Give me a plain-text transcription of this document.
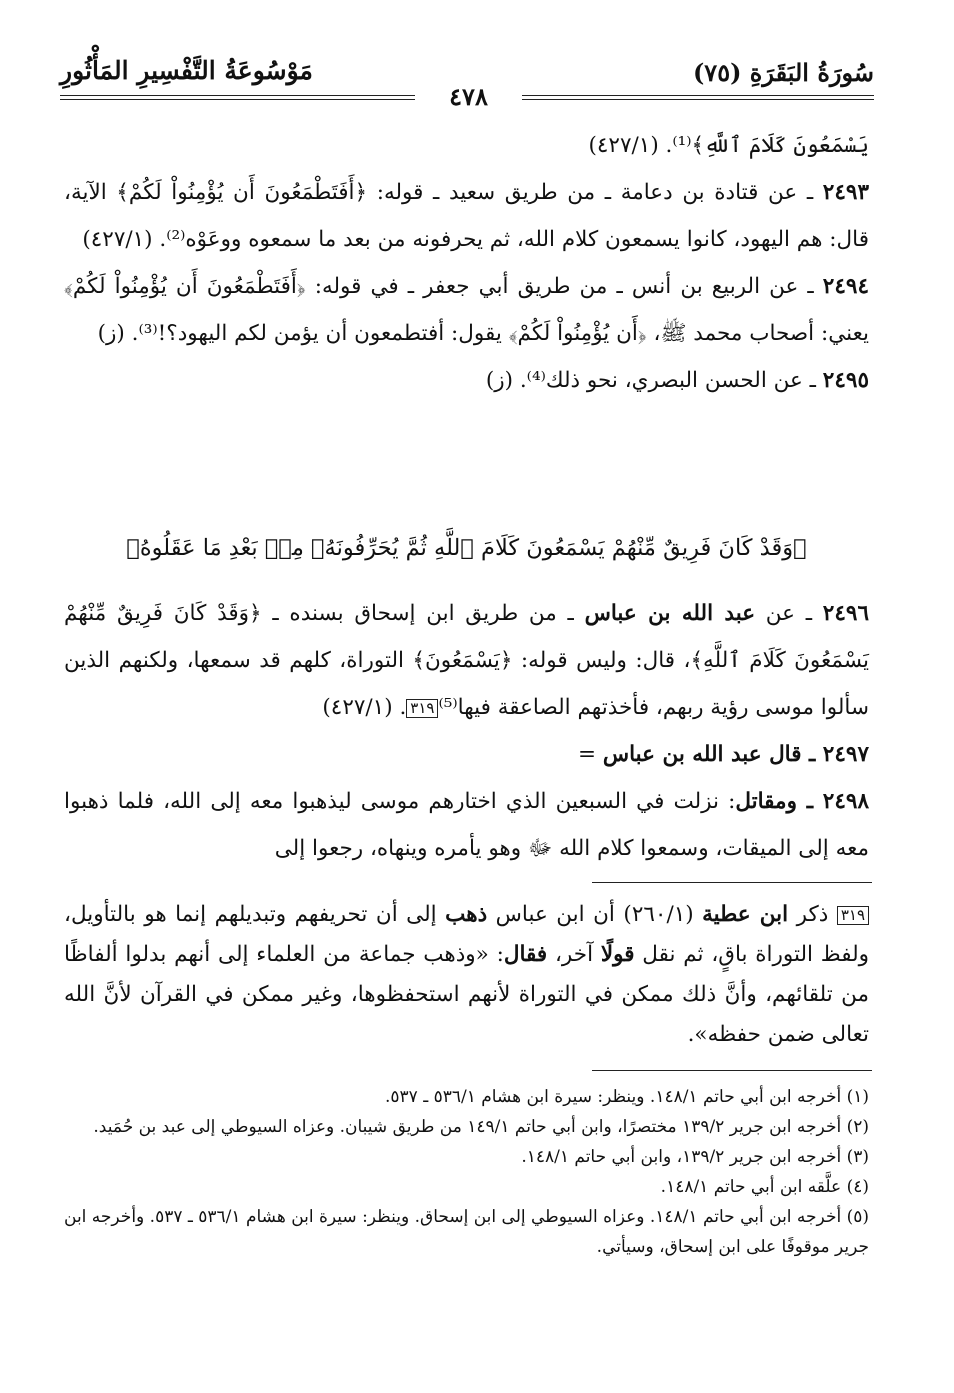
مَوْسُوعَةُ التَّفْسِيرِ المَأْثُورِ	سُورَةُ البَقَرَةِ (٧٥)
٤٧٨

يَسْمَعُونَ كَلَامَ ٱللَّهِ﴾⁽¹⁾. (٤٢٧/١)

٢٤٩٣ ـ عن قتادة بن دعامة ـ من طريق سعيد ـ قوله: ﴿أَفَتَطْمَعُونَ أَن يُؤْمِنُواْ لَكُمْ﴾ الآية، قال: هم اليهود، كانوا يسمعون كلام الله، ثم يحرفونه من بعد ما سمعوه ووعَوْه⁽²⁾. (٤٢٧/١)

٢٤٩٤ ـ عن الربيع بن أنس ـ من طريق أبي جعفر ـ في قوله: ﴿أَفَتَطْمَعُونَ أَن يُؤْمِنُواْ لَكُمْ﴾ يعني: أصحاب محمد ﷺ، ﴿أَن يُؤْمِنُواْ لَكُمْ﴾ يقول: أفتطمعون أن يؤمن لكم اليهود؟!⁽³⁾. (ز)

٢٤٩٥ ـ عن الحسن البصري، نحو ذلك⁽⁴⁾. (ز)

﴿وَقَدْ كَانَ فَرِيقٌ مِّنْهُمْ يَسْمَعُونَ كَلَامَ ٱللَّهِ ثُمَّ يُحَرِّفُونَهُۥ مِنۢ بَعْدِ مَا عَقَلُوهُ﴾

٢٤٩٦ ـ عن عبد الله بن عباس ـ من طريق ابن إسحاق بسنده ـ ﴿وَقَدْ كَانَ فَرِيقٌ مِّنْهُمْ يَسْمَعُونَ كَلَامَ ٱللَّهِ﴾، قال: وليس قوله: ﴿يَسْمَعُونَ﴾ التوراة، كلهم قد سمعها، ولكنهم الذين سألوا موسى رؤية ربهم، فأخذتهم الصاعقة فيها⁽⁵⁾٣١٩. (٤٢٧/١)

٢٤٩٧ ـ قال عبد الله بن عباس =

٢٤٩٨ ـ ومقاتل: نزلت في السبعين الذي اختارهم موسى ليذهبوا معه إلى الله، فلما ذهبوا معه إلى الميقات، وسمعوا كلام الله ﷻ وهو يأمره وينهاه، رجعوا إلى

٣١٩ ذكر ابن عطية (٢٦٠/١) أن ابن عباس ذهب إلى أن تحريفهم وتبديلهم إنما هو بالتأويل، ولفظ التوراة باقٍ، ثم نقل قولًا آخر، فقال: «وذهب جماعة من العلماء إلى أنهم بدلوا ألفاظًا من تلقائهم، وأنَّ ذلك ممكن في التوراة لأنهم استحفظوها، وغير ممكن في القرآن لأنَّ الله تعالى ضمن حفظه».

(١) أخرجه ابن أبي حاتم ١٤٨/١. وينظر: سيرة ابن هشام ٥٣٦/١ ـ ٥٣٧.

(٢) أخرجه ابن جرير ١٣٩/٢ مختصرًا، وابن أبي حاتم ١٤٩/١ من طريق شيبان. وعزاه السيوطي إلى عبد بن حُمَيد.

(٣) أخرجه ابن جرير ١٣٩/٢، وابن أبي حاتم ١٤٨/١.

(٤) علَّقه ابن أبي حاتم ١٤٨/١.

(٥) أخرجه ابن أبي حاتم ١٤٨/١. وعزاه السيوطي إلى ابن إسحاق. وينظر: سيرة ابن هشام ٥٣٦/١ ـ ٥٣٧. وأخرجه ابن جرير موقوفًا على ابن إسحاق، وسيأتي.
